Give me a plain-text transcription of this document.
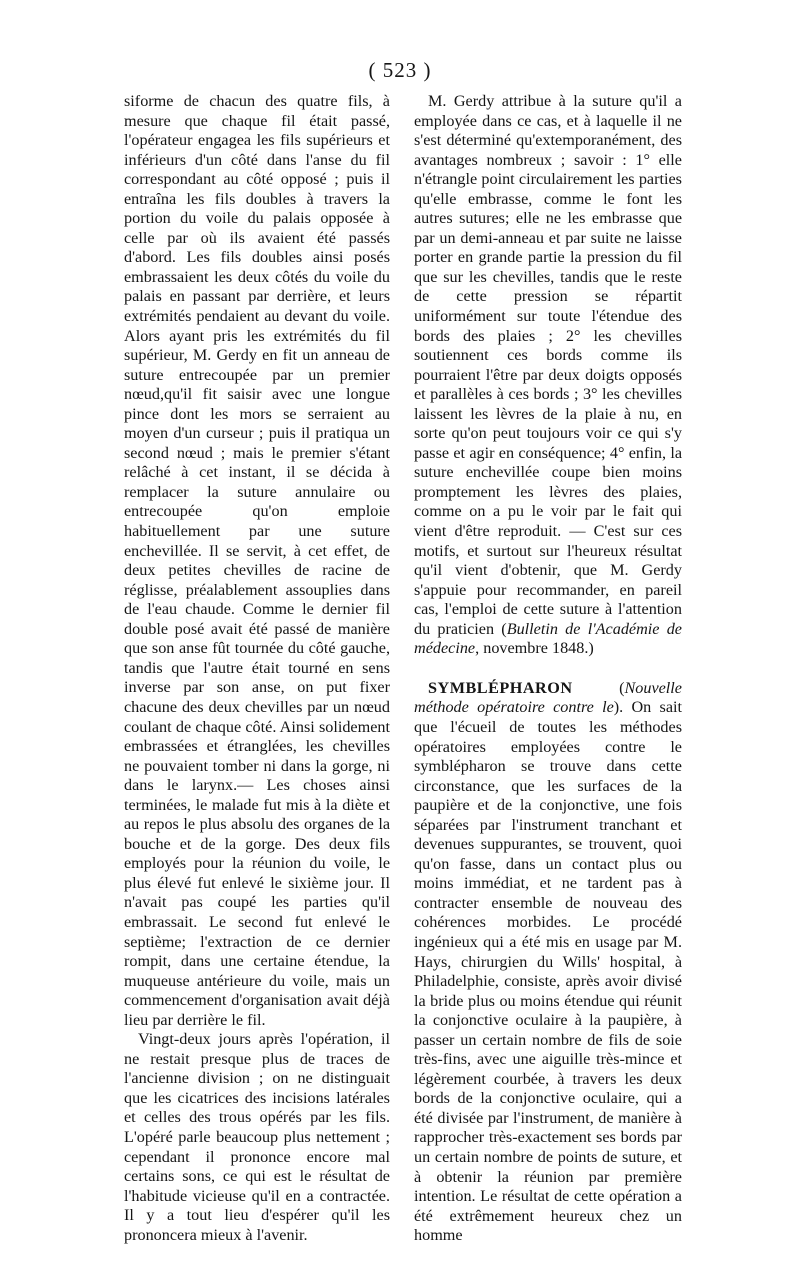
( 523 )

siforme de chacun des quatre fils, à mesure que chaque fil était passé, l'opérateur engagea les fils supérieurs et inférieurs d'un côté dans l'anse du fil correspondant au côté opposé ; puis il entraîna les fils doubles à travers la portion du voile du palais opposée à celle par où ils avaient été passés d'abord. Les fils doubles ainsi posés embrassaient les deux côtés du voile du palais en passant par derrière, et leurs extrémités pendaient au devant du voile. Alors ayant pris les extrémités du fil supérieur, M. Gerdy en fit un anneau de suture entrecoupée par un premier nœud,qu'il fit saisir avec une longue pince dont les mors se serraient au moyen d'un curseur ; puis il pratiqua un second nœud ; mais le premier s'étant relâché à cet instant, il se décida à remplacer la suture annulaire ou entrecoupée qu'on emploie habituellement par une suture enchevillée. Il se servit, à cet effet, de deux petites chevilles de racine de réglisse, préalablement assouplies dans de l'eau chaude. Comme le dernier fil double posé avait été passé de manière que son anse fût tournée du côté gauche, tandis que l'autre était tourné en sens inverse par son anse, on put fixer chacune des deux chevilles par un nœud coulant de chaque côté. Ainsi solidement embrassées et étranglées, les chevilles ne pouvaient tomber ni dans la gorge, ni dans le larynx.— Les choses ainsi terminées, le malade fut mis à la diète et au repos le plus absolu des organes de la bouche et de la gorge. Des deux fils employés pour la réunion du voile, le plus élevé fut enlevé le sixième jour. Il n'avait pas coupé les parties qu'il embrassait. Le second fut enlevé le septième; l'extraction de ce dernier rompit, dans une certaine étendue, la muqueuse antérieure du voile, mais un commencement d'organisation avait déjà lieu par derrière le fil.

Vingt-deux jours après l'opération, il ne restait presque plus de traces de l'ancienne division ; on ne distinguait que les cicatrices des incisions latérales et celles des trous opérés par les fils. L'opéré parle beaucoup plus nettement ; cependant il prononce encore mal certains sons, ce qui est le résultat de l'habitude vicieuse qu'il en a contractée. Il y a tout lieu d'espérer qu'il les prononcera mieux à l'avenir.

M. Gerdy attribue à la suture qu'il a employée dans ce cas, et à laquelle il ne s'est déterminé qu'extemporanément, des avantages nombreux ; savoir : 1° elle n'étrangle point circulairement les parties qu'elle embrasse, comme le font les autres sutures; elle ne les embrasse que par un demi-anneau et par suite ne laisse porter en grande partie la pression du fil que sur les chevilles, tandis que le reste de cette pression se répartit uniformément sur toute l'étendue des bords des plaies ; 2° les chevilles soutiennent ces bords comme ils pourraient l'être par deux doigts opposés et parallèles à ces bords ; 3° les chevilles laissent les lèvres de la plaie à nu, en sorte qu'on peut toujours voir ce qui s'y passe et agir en conséquence; 4° enfin, la suture enchevillée coupe bien moins promptement les lèvres des plaies, comme on a pu le voir par le fait qui vient d'être reproduit. — C'est sur ces motifs, et surtout sur l'heureux résultat qu'il vient d'obtenir, que M. Gerdy s'appuie pour recommander, en pareil cas, l'emploi de cette suture à l'attention du praticien (Bulletin de l'Académie de médecine, novembre 1848.)

SYMBLÉPHARON (Nouvelle méthode opératoire contre le). On sait que l'écueil de toutes les méthodes opératoires employées contre le symblépharon se trouve dans cette circonstance, que les surfaces de la paupière et de la conjonctive, une fois séparées par l'instrument tranchant et devenues suppurantes, se trouvent, quoi qu'on fasse, dans un contact plus ou moins immédiat, et ne tardent pas à contracter ensemble de nouveau des cohérences morbides. Le procédé ingénieux qui a été mis en usage par M. Hays, chirurgien du Wills' hospital, à Philadelphie, consiste, après avoir divisé la bride plus ou moins étendue qui réunit la conjonctive oculaire à la paupière, à passer un certain nombre de fils de soie très-fins, avec une aiguille très-mince et légèrement courbée, à travers les deux bords de la conjonctive oculaire, qui a été divisée par l'instrument, de manière à rapprocher très-exactement ses bords par un certain nombre de points de suture, et à obtenir la réunion par première intention. Le résultat de cette opération a été extrêmement heureux chez un homme
